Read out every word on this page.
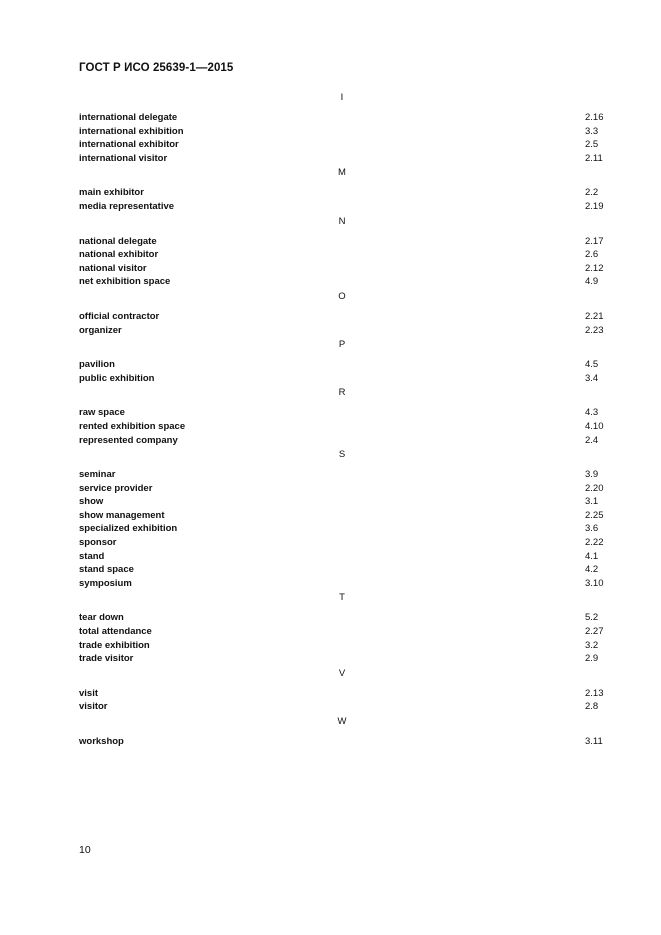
ГОСТ Р ИСО 25639-1—2015
I
international delegate	2.16
international exhibition	3.3
international exhibitor	2.5
international visitor	2.11
M
main exhibitor	2.2
media representative	2.19
N
national delegate	2.17
national exhibitor	2.6
national visitor	2.12
net exhibition space	4.9
O
official contractor	2.21
organizer	2.23
P
pavilion	4.5
public exhibition	3.4
R
raw space	4.3
rented exhibition space	4.10
represented company	2.4
S
seminar	3.9
service provider	2.20
show	3.1
show management	2.25
specialized exhibition	3.6
sponsor	2.22
stand	4.1
stand space	4.2
symposium	3.10
T
tear down	5.2
total attendance	2.27
trade exhibition	3.2
trade visitor	2.9
V
visit	2.13
visitor	2.8
W
workshop	3.11
10
